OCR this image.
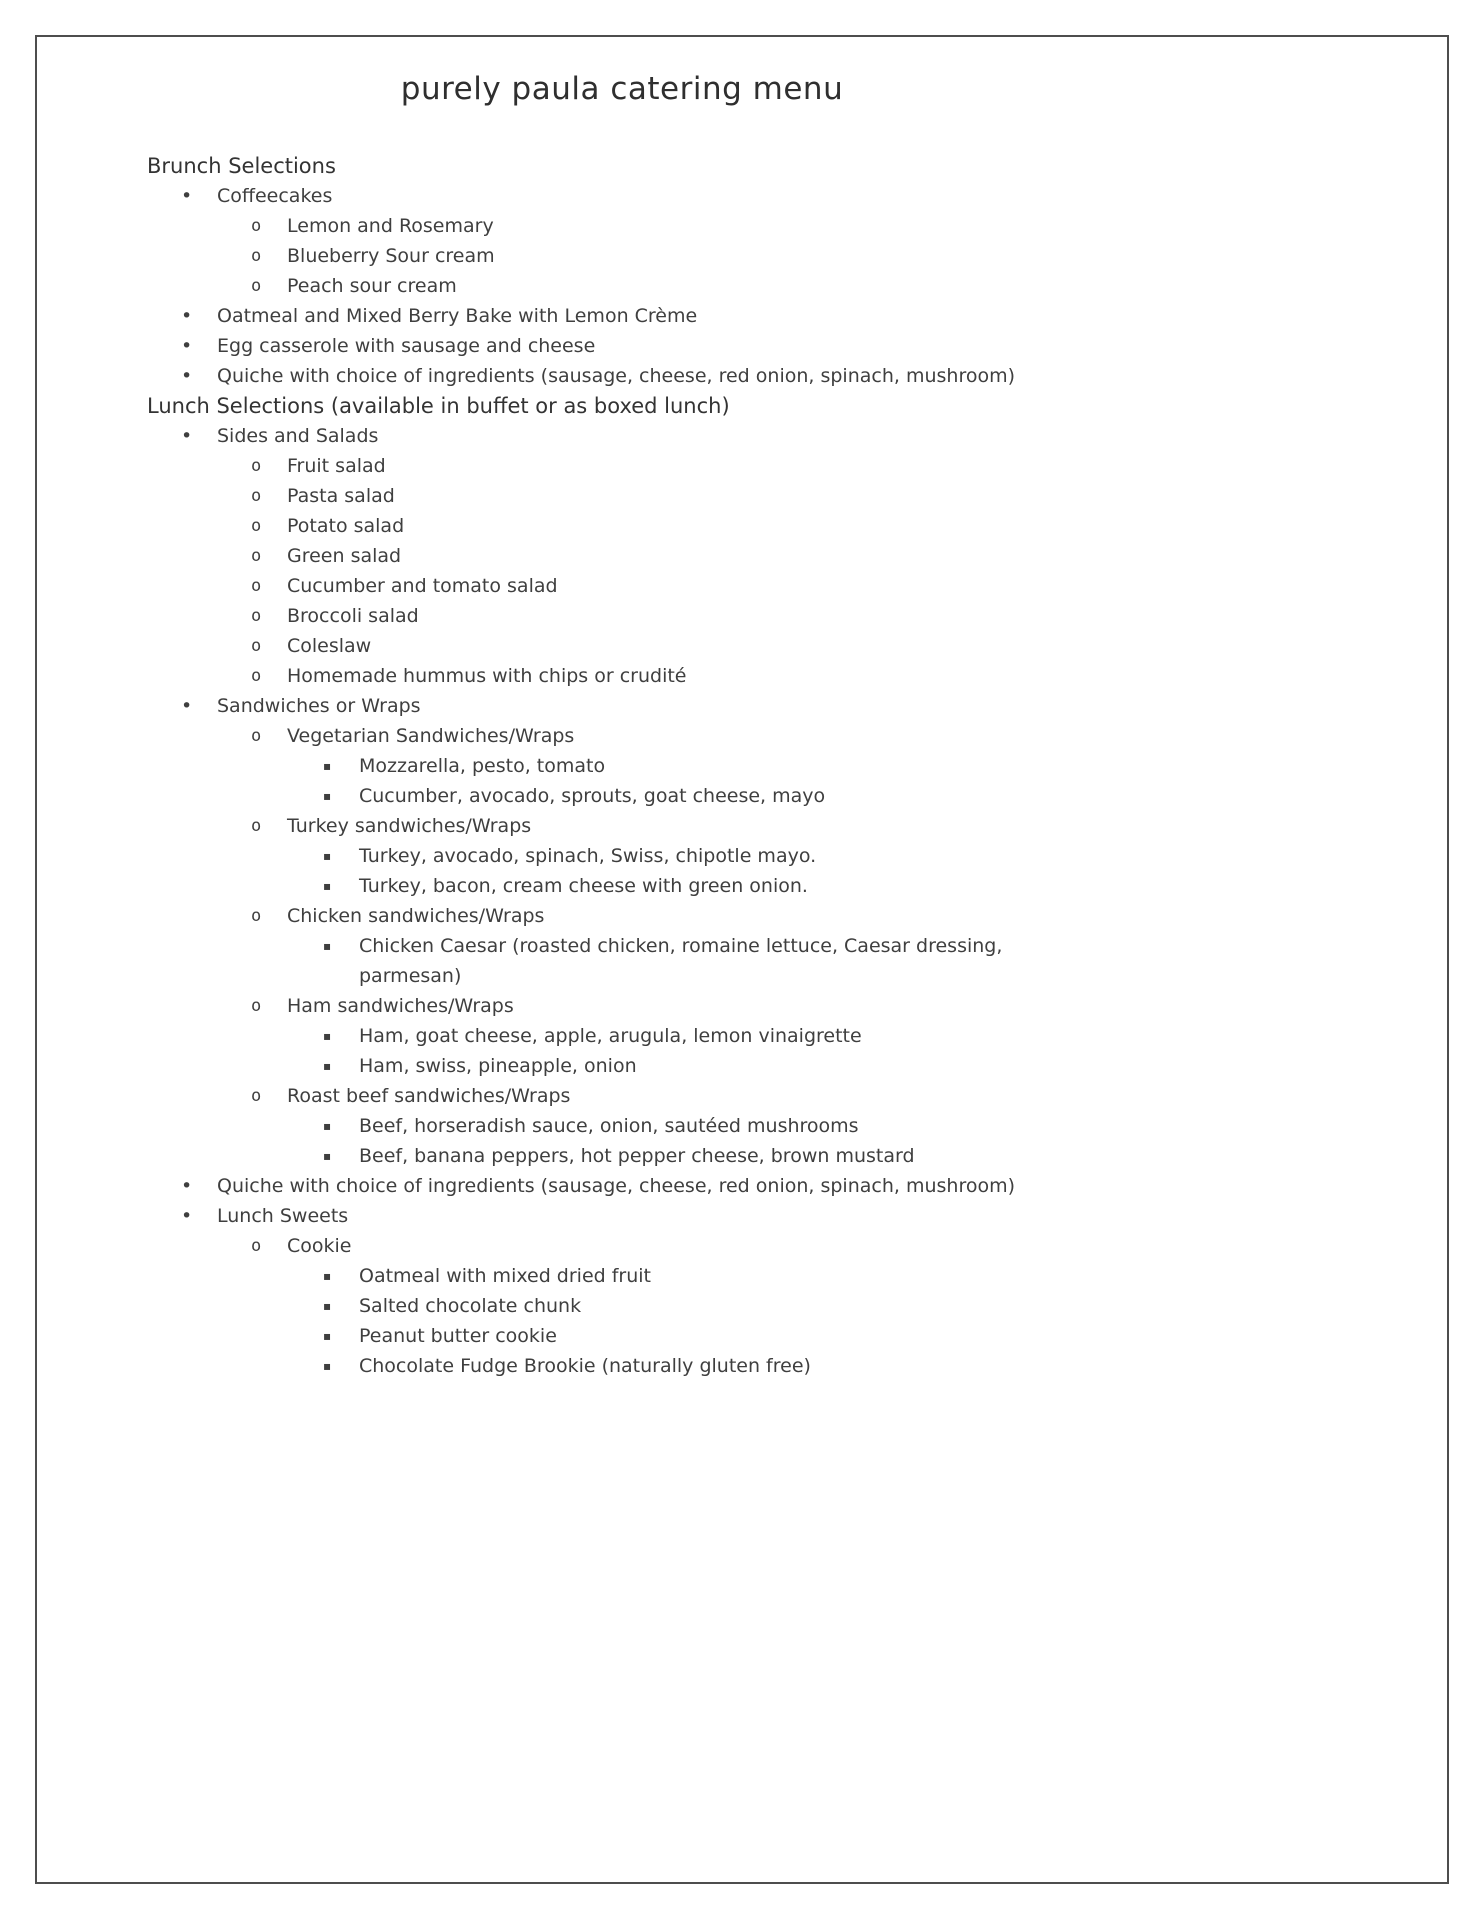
purely paula catering menu
Brunch Selections
• Coffeecakes
o Lemon and Rosemary
o Blueberry Sour cream
o Peach sour cream
• Oatmeal and Mixed Berry Bake with Lemon Crème
• Egg casserole with sausage and cheese
• Quiche with choice of ingredients (sausage, cheese, red onion, spinach, mushroom)
Lunch Selections (available in buffet or as boxed lunch)
• Sides and Salads
o Fruit salad
o Pasta salad
o Potato salad
o Green salad
o Cucumber and tomato salad
o Broccoli salad
o Coleslaw
o Homemade hummus with chips or crudité
• Sandwiches or Wraps
o Vegetarian Sandwiches/Wraps
▪ Mozzarella, pesto, tomato
▪ Cucumber, avocado, sprouts, goat cheese, mayo
o Turkey sandwiches/Wraps
▪ Turkey, avocado, spinach, Swiss, chipotle mayo.
▪ Turkey, bacon, cream cheese with green onion.
o Chicken sandwiches/Wraps
▪ Chicken Caesar (roasted chicken, romaine lettuce, Caesar dressing, parmesan)
o Ham sandwiches/Wraps
▪ Ham, goat cheese, apple, arugula, lemon vinaigrette
▪ Ham, swiss, pineapple, onion
o Roast beef sandwiches/Wraps
▪ Beef, horseradish sauce, onion, sautéed mushrooms
▪ Beef, banana peppers, hot pepper cheese, brown mustard
• Quiche with choice of ingredients (sausage, cheese, red onion, spinach, mushroom)
• Lunch Sweets
o Cookie
▪ Oatmeal with mixed dried fruit
▪ Salted chocolate chunk
▪ Peanut butter cookie
▪ Chocolate Fudge Brookie (naturally gluten free)
